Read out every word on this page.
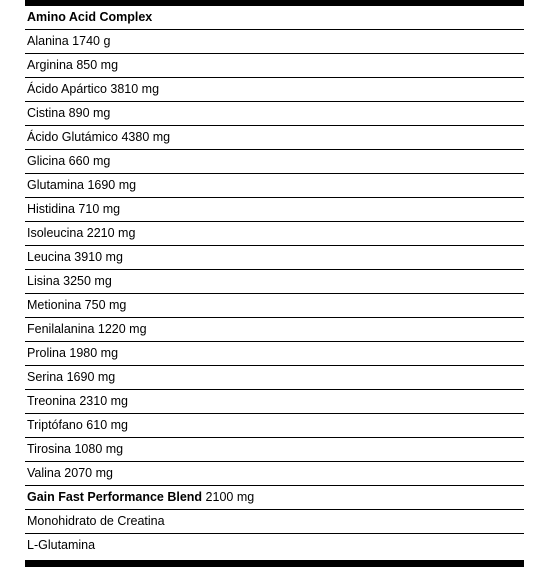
Amino Acid Complex
Alanina 1740 g
Arginina 850 mg
Ácido Apártico 3810 mg
Cistina 890 mg
Ácido Glutámico 4380 mg
Glicina 660 mg
Glutamina 1690 mg
Histidina 710 mg
Isoleucina 2210 mg
Leucina 3910 mg
Lisina 3250 mg
Metionina 750 mg
Fenilalanina 1220 mg
Prolina 1980 mg
Serina 1690 mg
Treonina 2310 mg
Triptófano 610 mg
Tirosina 1080 mg
Valina 2070 mg
Gain Fast Performance Blend 2100 mg
Monohidrato de Creatina
L-Glutamina
